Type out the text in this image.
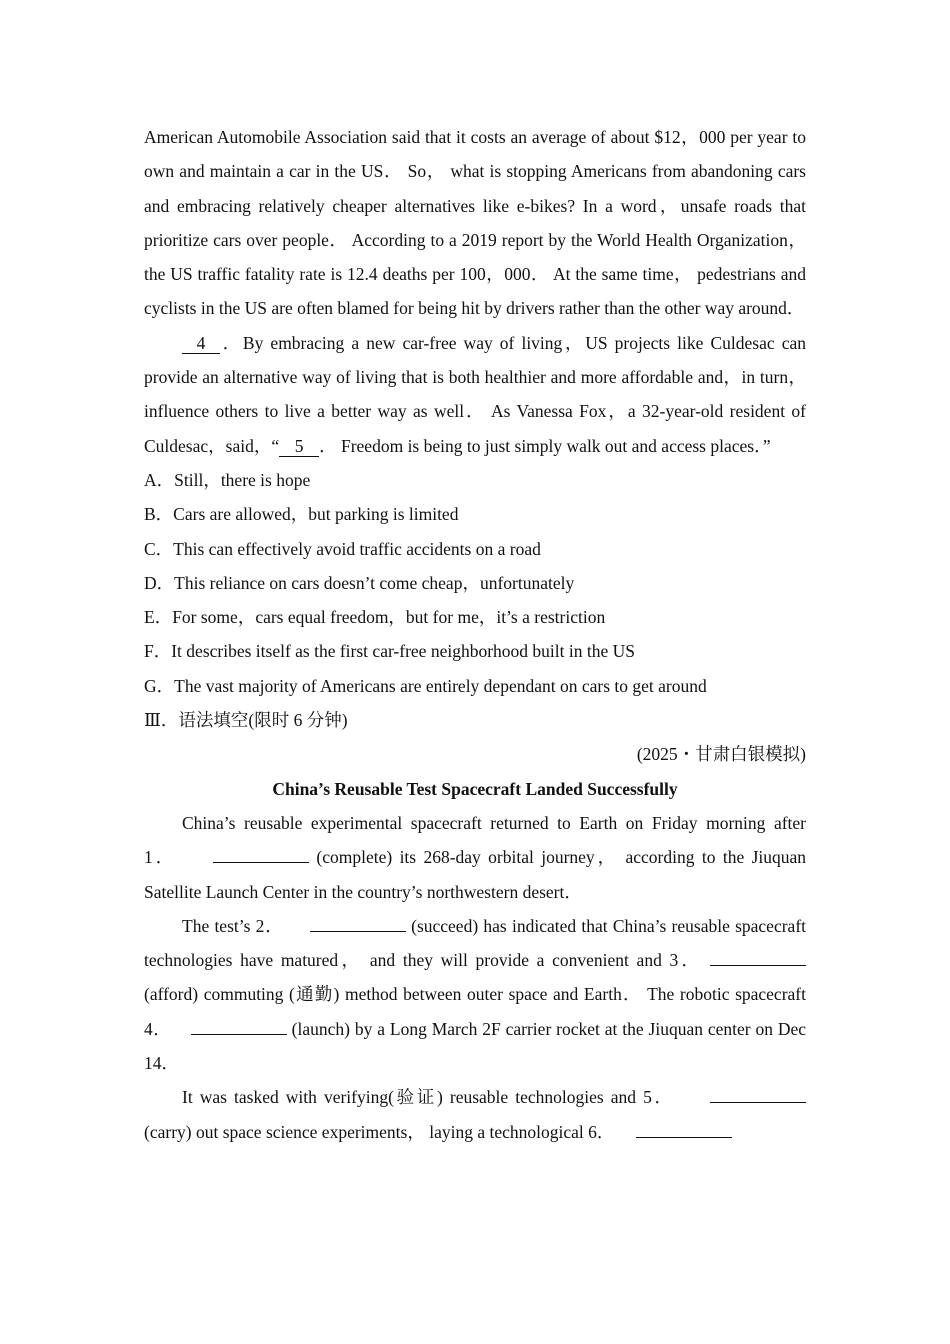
American Automobile Association said that it costs an average of about $12，000 per year to own and maintain a car in the US． So， what is stopping Americans from abandoning cars and embracing relatively cheaper alternatives like e-bikes? In a word，unsafe roads that prioritize cars over people． According to a 2019 report by the World Health Organization， the US traffic fatality rate is 12.4 deaths per 100，000． At the same time， pedestrians and cyclists in the US are often blamed for being hit by drivers rather than the other way around．

4 ．By embracing a new car-free way of living，US projects like Culdesac can provide an alternative way of living that is both healthier and more affordable and，in turn，influence others to live a better way as well． As Vanessa Fox，a 32-year-old resident of Culdesac，said，“ 5 ． Freedom is being to just simply walk out and access places．”

A．Still，there is hope

B．Cars are allowed，but parking is limited

C．This can effectively avoid traffic accidents on a road

D．This reliance on cars doesn’t come cheap，unfortunately

E．For some，cars equal freedom，but for me，it’s a restriction

F．It describes itself as the first car-free neighborhood built in the US

G．The vast majority of Americans are entirely dependant on cars to get around

Ⅲ．语法填空(限时 6 分钟)

(2025・甘肃白银模拟)

China’s Reusable Test Spacecraft Landed Successfully

China’s reusable experimental spacecraft returned to Earth on Friday morning after 1．	(complete) its 268-day orbital journey， according to the Jiuquan Satellite Launch Center in the country’s northwestern desert．

The test’s 2．	(succeed) has indicated that China’s reusable spacecraft technologies have matured， and they will provide a convenient and 3．  (afford) commuting (通勤) method between outer space and Earth． The robotic spacecraft 4．	(launch) by a Long March 2F carrier rocket at the Jiuquan center on Dec 14．

It was tasked with verifying(验证) reusable technologies and 5．      (carry) out space science experiments， laying a technological 6．
